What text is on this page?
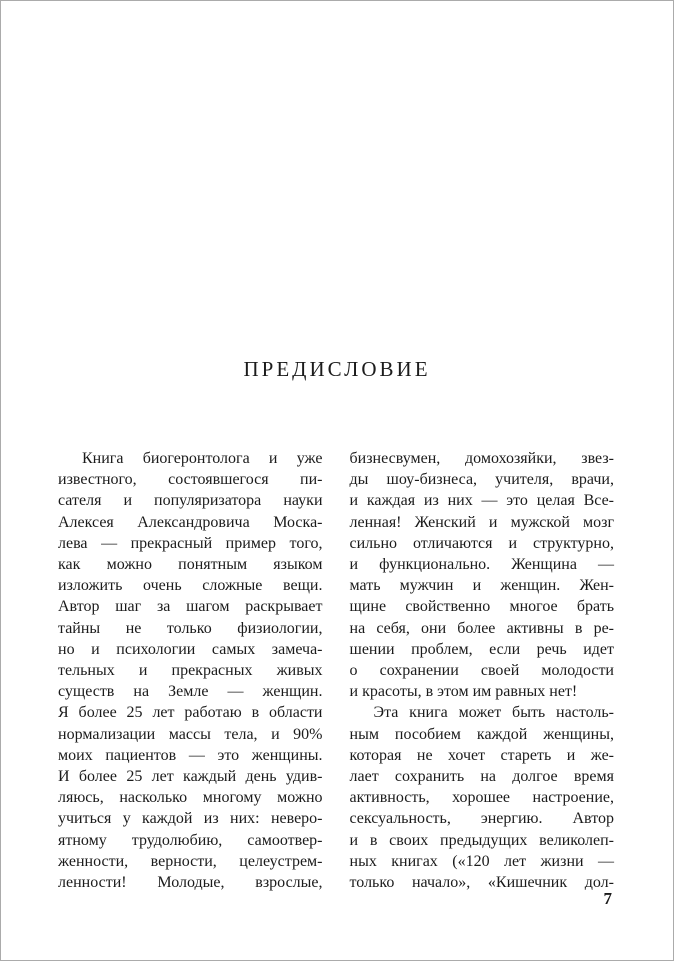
ПРЕДИСЛОВИЕ
Книга биогеронтолога и уже
известного, состоявшегося пи-
сателя и популяризатора науки
Алексея Александровича Моска-
лева — прекрасный пример того,
как можно понятным языком
изложить очень сложные вещи.
Автор шаг за шагом раскрывает
тайны не только физиологии,
но и психологии самых замеча-
тельных и прекрасных живых
существ на Земле — женщин.
Я более 25 лет работаю в области
нормализации массы тела, и 90%
моих пациентов — это женщины.
И более 25 лет каждый день удив-
ляюсь, насколько многому можно
учиться у каждой из них: неверо-
ятному трудолюбию, самоотвер-
женности, верности, целеустрем-
ленности! Молодые, взрослые,
бизнесвумен, домохозяйки, звез-
ды шоу-бизнеса, учителя, врачи,
и каждая из них — это целая Все-
ленная! Женский и мужской мозг
сильно отличаются и структурно,
и функционально. Женщина —
мать мужчин и женщин. Жен-
щине свойственно многое брать
на себя, они более активны в ре-
шении проблем, если речь идет
о сохранении своей молодости
и красоты, в этом им равных нет!
Эта книга может быть настоль-
ным пособием каждой женщины,
которая не хочет стареть и же-
лает сохранить на долгое время
активность, хорошее настроение,
сексуальность, энергию. Автор
и в своих предыдущих великолеп-
ных книгах («120 лет жизни —
только начало», «Кишечник дол-
7
